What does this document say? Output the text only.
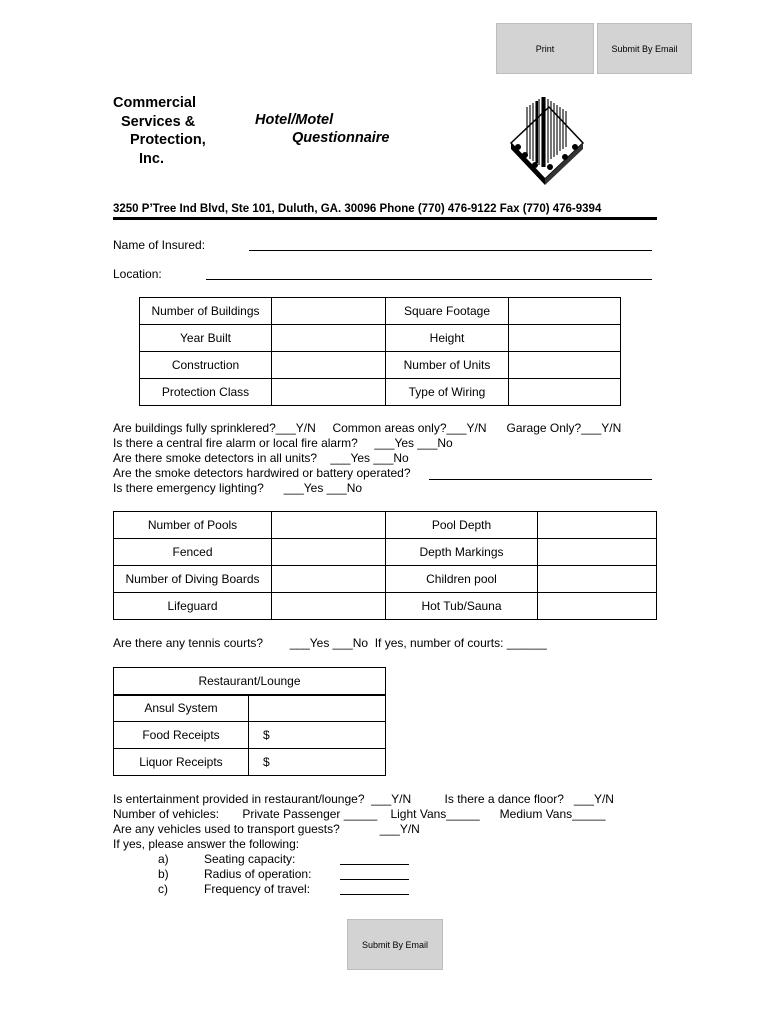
Print	Submit By Email
Commercial
Services &
Protection,
Inc.
Hotel/Motel
Questionnaire
3250 P’Tree Ind Blvd, Ste 101, Duluth, GA. 30096 Phone (770) 476-9122 Fax (770) 476-9394
Name of Insured:
Location:
Number of Buildings		Square Footage	
Year Built		Height	
Construction		Number of Units	
Protection Class		Type of Wiring	
Are buildings fully sprinklered?___Y/N     Common areas only?___Y/N      Garage Only?___Y/N
Is there a central fire alarm or local fire alarm?     ___Yes ___No
Are there smoke detectors in all units?    ___Yes ___No
Are the smoke detectors hardwired or battery operated?
Is there emergency lighting?      ___Yes ___No
Number of Pools		Pool Depth	
Fenced		Depth Markings	
Number of Diving Boards		Children pool	
Lifeguard		Hot Tub/Sauna	
Are there any tennis courts?        ___Yes ___No  If yes, number of courts: ______
Restaurant/Lounge	
Ansul System	
Food Receipts	$
Liquor Receipts	$
Is entertainment provided in restaurant/lounge?  ___Y/N          Is there a dance floor?   ___Y/N
Number of vehicles:       Private Passenger _____    Light Vans_____      Medium Vans_____
Are any vehicles used to transport guests?            ___Y/N
If yes, please answer the following:
a)	Seating capacity:
b)	Radius of operation:
c)	Frequency of travel:
Submit By Email
